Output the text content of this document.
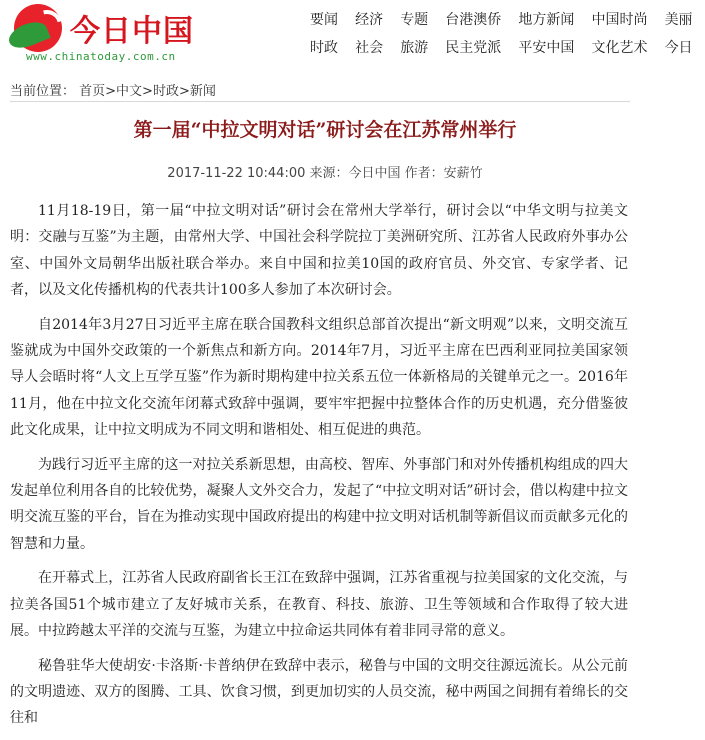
今日中国
www.chinatoday.com.cn
要闻 经济 专题 台港澳侨 地方新闻 中国时尚 美丽
时政 社会 旅游 民主党派 平安中国 文化艺术 今日
当前位置： 首页>中文>时政>新闻
第一届“中拉文明对话”研讨会在江苏常州举行
2017-11-22 10:44:00 来源：今日中国 作者：安薪竹

11月18-19日，第一届“中拉文明对话”研讨会在常州大学举行，研讨会以“中华文明与拉美文明：交融与互鉴”为主题，由常州大学、中国社会科学院拉丁美洲研究所、江苏省人民政府外事办公室、中国外文局朝华出版社联合举办。来自中国和拉美10国的政府官员、外交官、专家学者、记者，以及文化传播机构的代表共计100多人参加了本次研讨会。

自2014年3月27日习近平主席在联合国教科文组织总部首次提出“新文明观”以来，文明交流互鉴就成为中国外交政策的一个新焦点和新方向。2014年7月，习近平主席在巴西利亚同拉美国家领导人会晤时将“人文上互学互鉴”作为新时期构建中拉关系五位一体新格局的关键单元之一。2016年11月，他在中拉文化交流年闭幕式致辞中强调，要牢牢把握中拉整体合作的历史机遇，充分借鉴彼此文化成果，让中拉文明成为不同文明和谐相处、相互促进的典范。

为践行习近平主席的这一对拉关系新思想，由高校、智库、外事部门和对外传播机构组成的四大发起单位利用各自的比较优势，凝聚人文外交合力，发起了“中拉文明对话”研讨会，借以构建中拉文明交流互鉴的平台，旨在为推动实现中国政府提出的构建中拉文明对话机制等新倡议而贡献多元化的智慧和力量。

在开幕式上，江苏省人民政府副省长王江在致辞中强调，江苏省重视与拉美国家的文化交流，与拉美各国51个城市建立了友好城市关系，在教育、科技、旅游、卫生等领域和合作取得了较大进展。中拉跨越太平洋的交流与互鉴，为建立中拉命运共同体有着非同寻常的意义。

秘鲁驻华大使胡安·卡洛斯·卡普纳伊在致辞中表示，秘鲁与中国的文明交往源远流长。从公元前的文明遗迹、双方的图腾、工具、饮食习惯，到更加切实的人员交流，秘中两国之间拥有着绵长的交往和
